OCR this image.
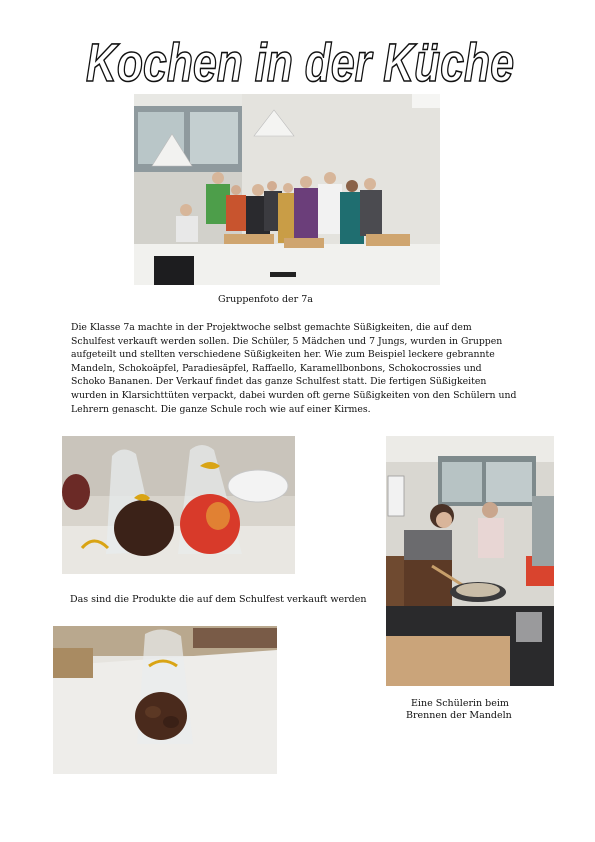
Kochen in der Küche
Gruppenfoto der 7a
Die Klasse 7a machte in der Projektwoche selbst gemachte Süßigkeiten, die auf dem
Schulfest verkauft werden sollen. Die Schüler, 5 Mädchen und 7 Jungs, wurden in Gruppen
aufgeteilt und stellten verschiedene Süßigkeiten her. Wie zum Beispiel leckere gebrannte
Mandeln, Schokoäpfel, Paradiesäpfel, Raffaello, Karamellbonbons, Schokocrossies und
Schoko Bananen. Der Verkauf findet das ganze Schulfest statt. Die fertigen Süßigkeiten
wurden in Klarsichttüten verpackt, dabei wurden oft gerne Süßigkeiten von den Schülern und
Lehrern genascht. Die ganze Schule roch wie auf einer Kirmes.
Das sind die Produkte die auf dem Schulfest verkauft werden
Eine Schülerin beim
Brennen der Mandeln
